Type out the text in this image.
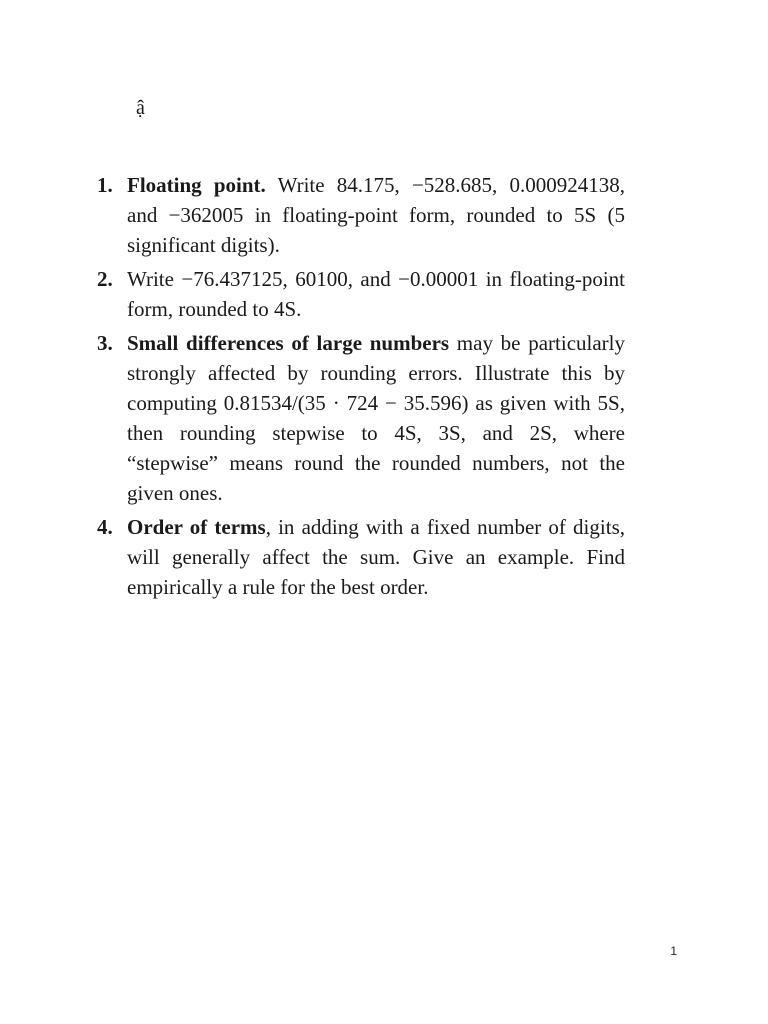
ậ
1. Floating point. Write 84.175, −528.685, 0.000924138, and −362005 in floating-point form, rounded to 5S (5 significant digits).
2. Write −76.437125, 60100, and −0.00001 in floating-point form, rounded to 4S.
3. Small differences of large numbers may be particularly strongly affected by rounding errors. Illustrate this by computing 0.81534/(35 · 724 − 35.596) as given with 5S, then rounding stepwise to 4S, 3S, and 2S, where “stepwise” means round the rounded numbers, not the given ones.
4. Order of terms, in adding with a fixed number of digits, will generally affect the sum. Give an example. Find empirically a rule for the best order.
1
